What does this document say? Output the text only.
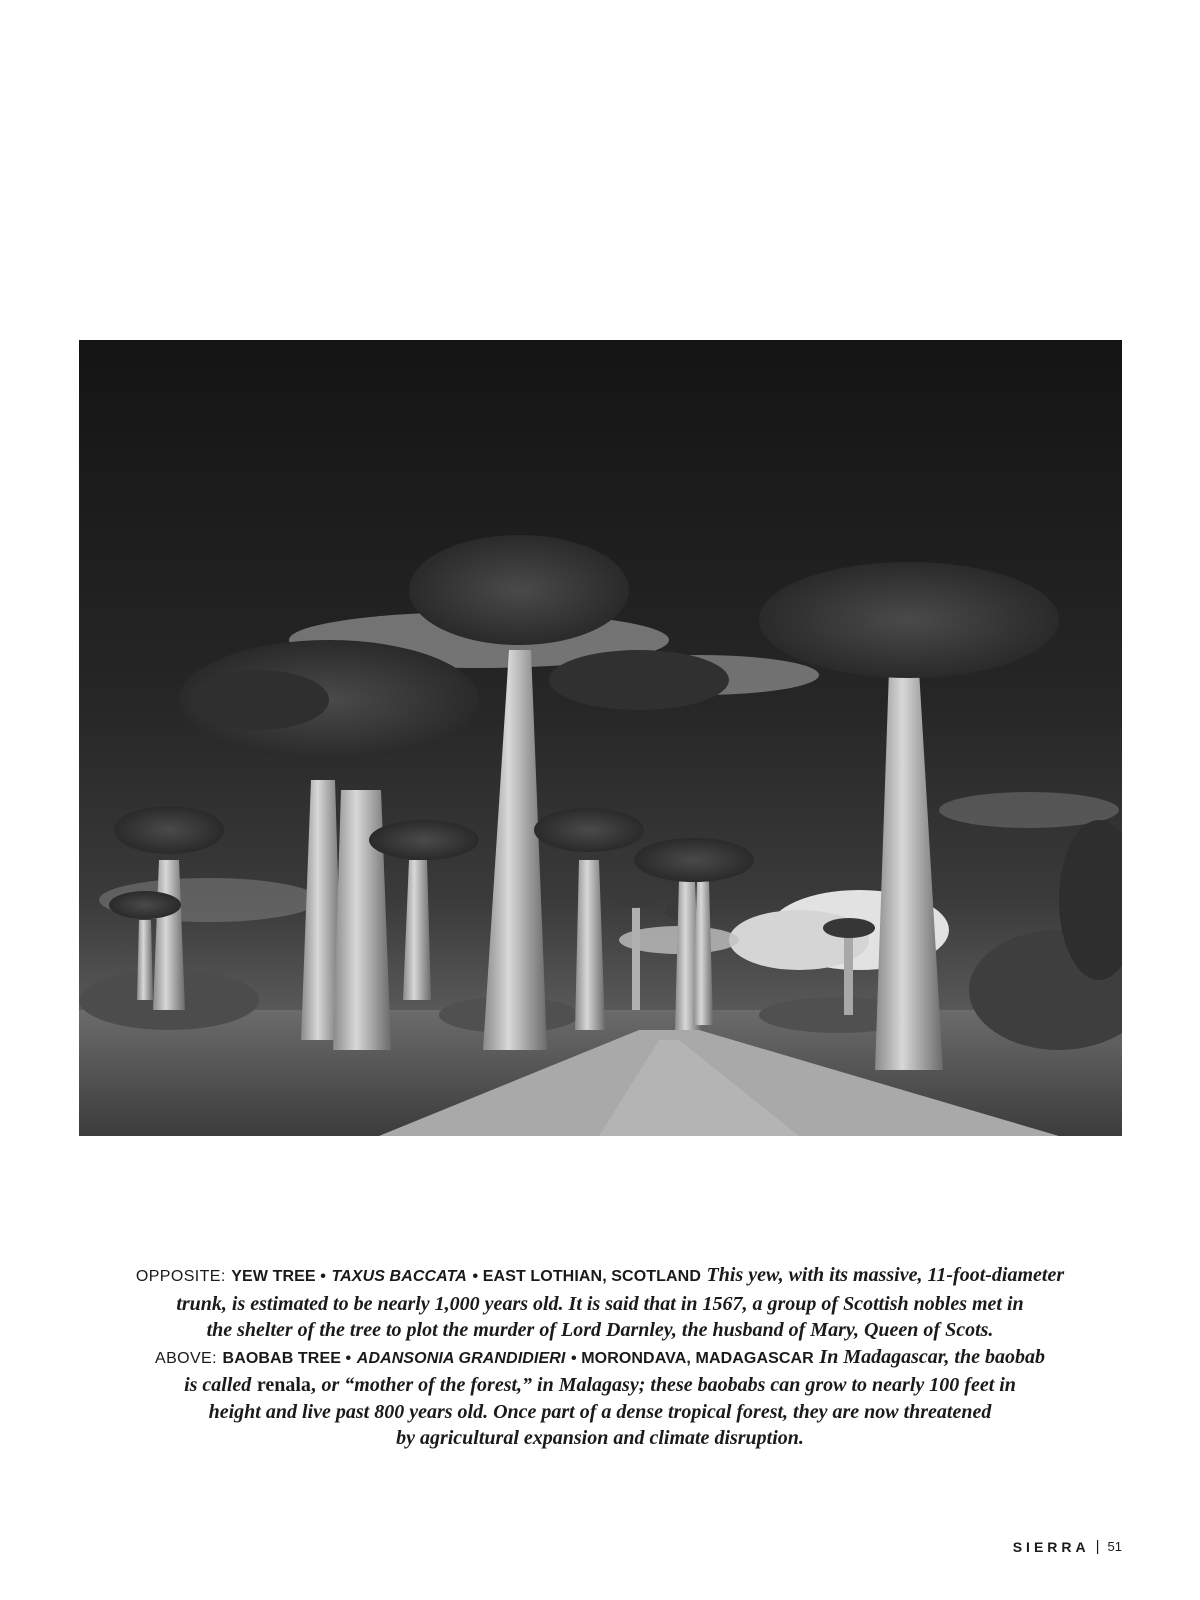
OPPOSITE: YEW TREE • TAXUS BACCATA • EAST LOTHIAN, SCOTLAND This yew, with its massive, 11-foot-diameter
trunk, is estimated to be nearly 1,000 years old. It is said that in 1567, a group of Scottish nobles met in
the shelter of the tree to plot the murder of Lord Darnley, the husband of Mary, Queen of Scots.
ABOVE: BAOBAB TREE • ADANSONIA GRANDIDIERI • MORONDAVA, MADAGASCAR In Madagascar, the baobab
is called renala, or “mother of the forest,” in Malagasy; these baobabs can grow to nearly 100 feet in
height and live past 800 years old. Once part of a dense tropical forest, they are now threatened
by agricultural expansion and climate disruption.
SIERRA | 51
